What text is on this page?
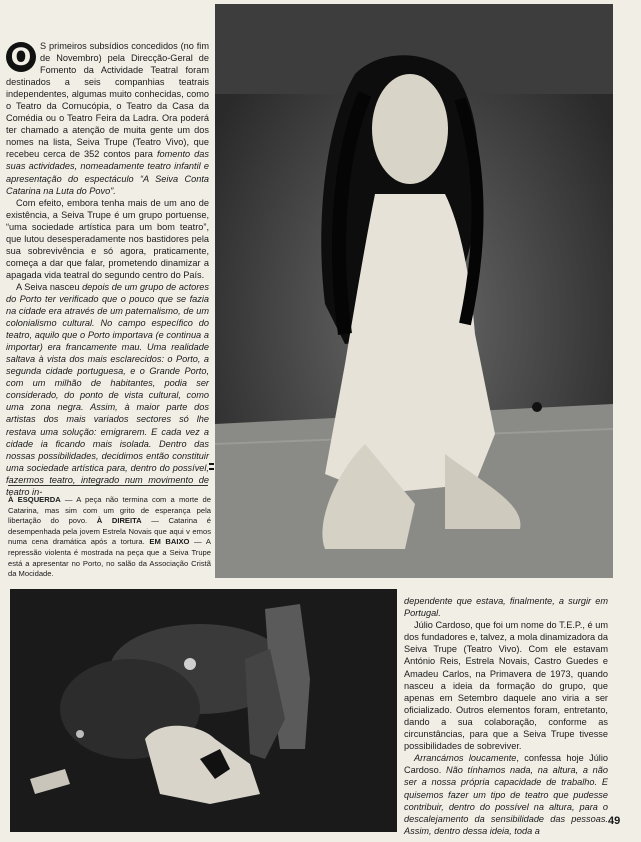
O S primeiros subsídios concedidos (no fim de Novembro) pela Direcção-Geral de Fomento da Actividade Teatral foram destinados a seis companhias teatrais independentes, algumas muito conhecidas, como o Teatro da Cornucópia, o Teatro da Casa da Comédia ou o Teatro Feira da Ladra. Ora poderá ter chamado a atenção de muita gente um dos nomes na lista, Seiva Trupe (Teatro Vivo), que recebeu cerca de 352 contos para fomento das suas actividades, nomeadamente teatro infantil e apresentação do espectáculo “A Seiva Conta Catarina na Luta do Povo”.

Com efeito, embora tenha mais de um ano de existência, a Seiva Trupe é um grupo portuense, “uma sociedade artística para um bom teatro”, que lutou desesperadamente nos bastidores pela sua sobrevivência e só agora, praticamente, começa a dar que falar, prometendo dinamizar a apagada vida teatral do segundo centro do País.

A Seiva nasceu depois de um grupo de actores do Porto ter verificado que o pouco que se fazia na cidade era através de um paternalismo, de um colonialismo cultural. No campo específico do teatro, aquilo que o Porto importava (e continua a importar) era francamente mau. Uma realidade saltava à vista dos mais esclarecidos: o Porto, a segunda cidade portuguesa, e o Grande Porto, com um milhão de habitantes, podia ser considerado, do ponto de vista cultural, como uma zona negra. Assim, à maior parte dos artistas dos mais variados sectores só lhe restava uma solução: emigrarem. E cada vez a cidade ia ficando mais isolada. Dentro das nossas possibilidades, decidimos então constituir uma sociedade artística para, dentro do possível, fazermos teatro, integrado num movimento de teatro in-

À ESQUERDA — A peça não termina com a morte de Catarina, mas sim com um grito de esperança pela libertação do povo. À DIREITA — Catarina é desempenhada pela jovem Estrela Novais que aqui v emos numa cena dramática após a tortura. EM BAIXO — A repressão violenta é mostrada na peça que a Seiva Trupe está a apresentar no Porto, no salão da Associação Cristã da Mocidade.

dependente que estava, finalmente, a surgir em Portugal.

Júlio Cardoso, que foi um nome do T.E.P., é um dos fundadores e, talvez, a mola dinamizadora da Seiva Trupe (Teatro Vivo). Com ele estavam António Reis, Estrela Novais, Castro Guedes e Amadeu Carlos, na Primavera de 1973, quando nasceu a ideia da formação do grupo, que apenas em Setembro daquele ano viria a ser oficializado. Outros elementos foram, entretanto, dando a sua colaboração, conforme as circunstâncias, para que a Seiva Trupe tivesse possibilidades de sobreviver.

Arrancámos loucamente, confessa hoje Júlio Cardoso. Não tínhamos nada, na altura, a não ser a nossa própria capacidade de trabalho. E quisemos fazer um tipo de teatro que pudesse contribuir, dentro do possível na altura, para o descalejamento da sensibilidade das pessoas. Assim, dentro dessa ideia, toda a

49
